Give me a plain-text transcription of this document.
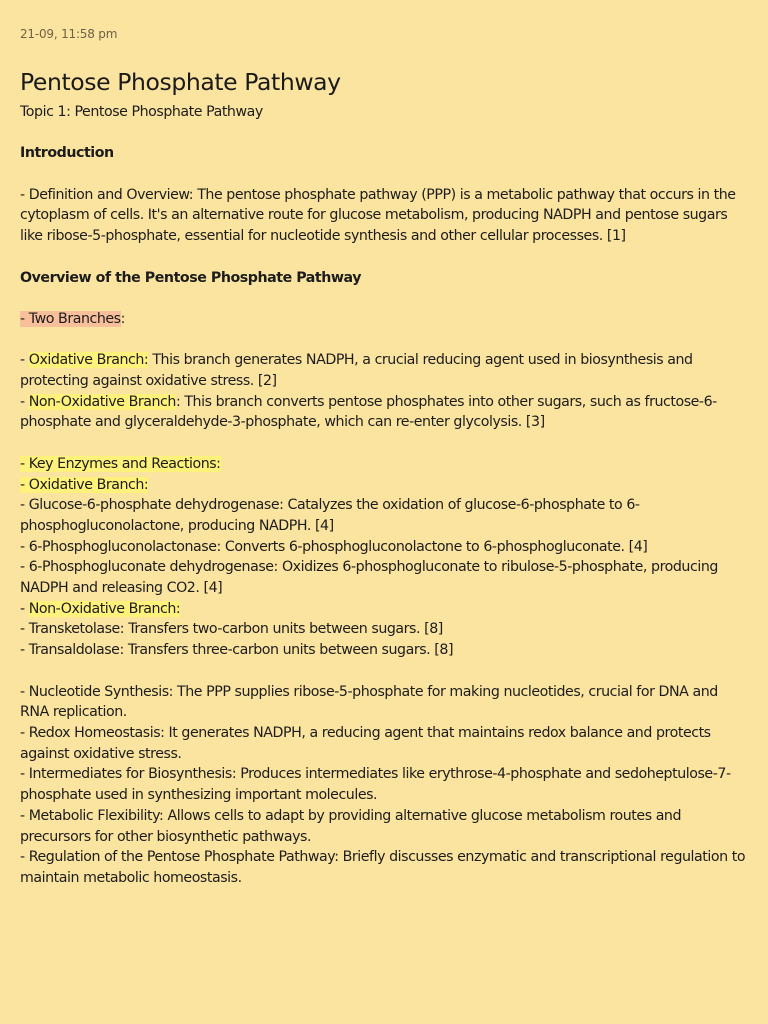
21-09, 11:58 pm
Pentose Phosphate Pathway
Topic 1: Pentose Phosphate Pathway
Introduction
- Definition and Overview: The pentose phosphate pathway (PPP) is a metabolic pathway that occurs in the cytoplasm of cells. It's an alternative route for glucose metabolism, producing NADPH and pentose sugars like ribose-5-phosphate, essential for nucleotide synthesis and other cellular processes. [1]
Overview of the Pentose Phosphate Pathway
- Two Branches:
- Oxidative Branch: This branch generates NADPH, a crucial reducing agent used in biosynthesis and protecting against oxidative stress. [2]
- Non-Oxidative Branch: This branch converts pentose phosphates into other sugars, such as fructose-6-phosphate and glyceraldehyde-3-phosphate, which can re-enter glycolysis. [3]
- Key Enzymes and Reactions:
- Oxidative Branch:
- Glucose-6-phosphate dehydrogenase: Catalyzes the oxidation of glucose-6-phosphate to 6-phosphogluconolactone, producing NADPH. [4]
- 6-Phosphogluconolactonase: Converts 6-phosphogluconolactone to 6-phosphogluconate. [4]
- 6-Phosphogluconate dehydrogenase: Oxidizes 6-phosphogluconate to ribulose-5-phosphate, producing NADPH and releasing CO2. [4]
- Non-Oxidative Branch:
- Transketolase: Transfers two-carbon units between sugars. [8]
- Transaldolase: Transfers three-carbon units between sugars. [8]
- Nucleotide Synthesis: The PPP supplies ribose-5-phosphate for making nucleotides, crucial for DNA and RNA replication.
- Redox Homeostasis: It generates NADPH, a reducing agent that maintains redox balance and protects against oxidative stress.
- Intermediates for Biosynthesis: Produces intermediates like erythrose-4-phosphate and sedoheptulose-7-phosphate used in synthesizing important molecules.
- Metabolic Flexibility: Allows cells to adapt by providing alternative glucose metabolism routes and precursors for other biosynthetic pathways.
- Regulation of the Pentose Phosphate Pathway: Briefly discusses enzymatic and transcriptional regulation to maintain metabolic homeostasis.
